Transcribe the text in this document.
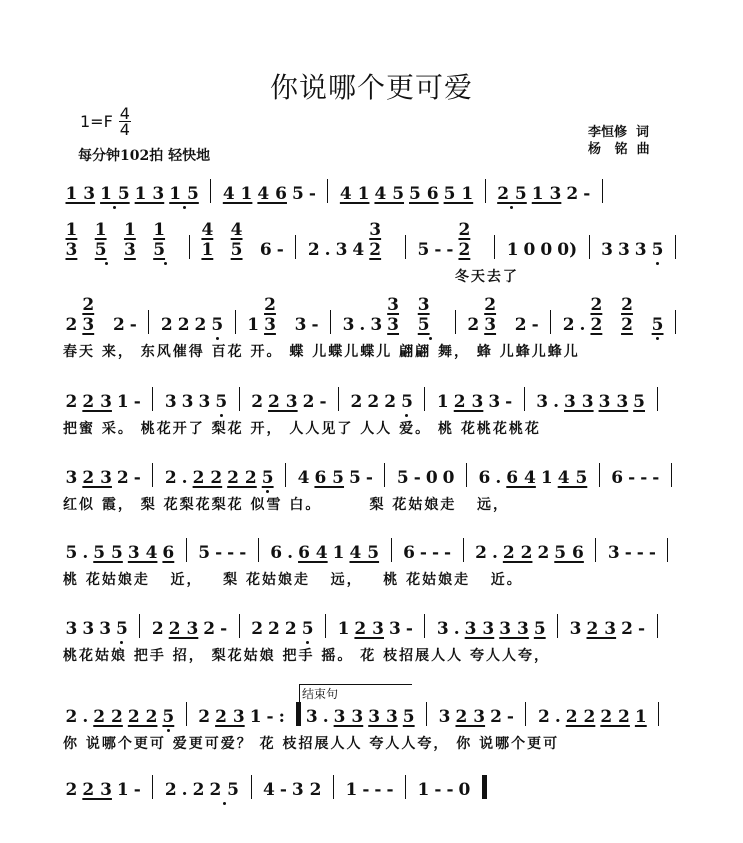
你说哪个更可爱
$1=F \frac{4}{4}$
每分钟102拍 轻快地
李恒修  词
杨   铭  曲
结束句
1 3 1 5 1 3 1 5 4 1 4 6 5 - 4 1 4 5 5 6 5 1 2 5 1 3 2 -
1 3
1 5
1 3
1 5
4 1
4 5	6 - 2 . 3 4
3 2	5 - -
2 2	1 0 0 0) 3 3 3 5
冬天去了
2
2 3	2 - 2 2 2 5 1
2 3	3 - 3 . 3
3 3
3 5	2
2 3	2 - 2 .
2 2
2 2	5
春天 来， 东风催得 百花 开。 蝶 儿蝶儿蝶儿 翩翩 舞， 蜂 儿蜂儿蜂儿
2 2 3 1 - 3 3 3 5 2 2 3 2 - 2 2 2 5 1 2 3 3 - 3 . 3 3 3 3 5
把蜜 采。 桃花开了 梨花 开， 人人见了 人人 爱。 桃 花桃花桃花
3 2 3 2 - 2 . 2 2 2 2 5 4 6 5 5 - 5 - 0 0 6 . 6 4 1 4 5 6 - - -
红似 霞， 梨 花梨花梨花 似雪 白。       梨 花姑娘走   远，
5 . 5 5 3 4 6 5 - - - 6 . 6 4 1 4 5 6 - - - 2 . 2 2 2 5 6 3 - - -
桃 花姑娘走   近，   梨 花姑娘走   远，   桃 花姑娘走   近。
3 3 3 5 2 2 3 2 - 2 2 2 5 1 2 3 3 - 3 . 3 3 3 3 5 3 2 3 2 -
桃花姑娘 把手 招， 梨花姑娘 把手 摇。 花 枝招展人人 夸人人夸，
2 . 2 2 2 2 5 2 2 3 1 - : 3 . 3 3 3 3 5 3 2 3 2 - 2 . 2 2 2 2 1
你 说哪个更可 爱更可爱？ 花 枝招展人人 夸人人夸， 你 说哪个更可
2 2 3 1 - 2 . 2 2 5 4 - 3 2 1 - - - 1 - - 0
